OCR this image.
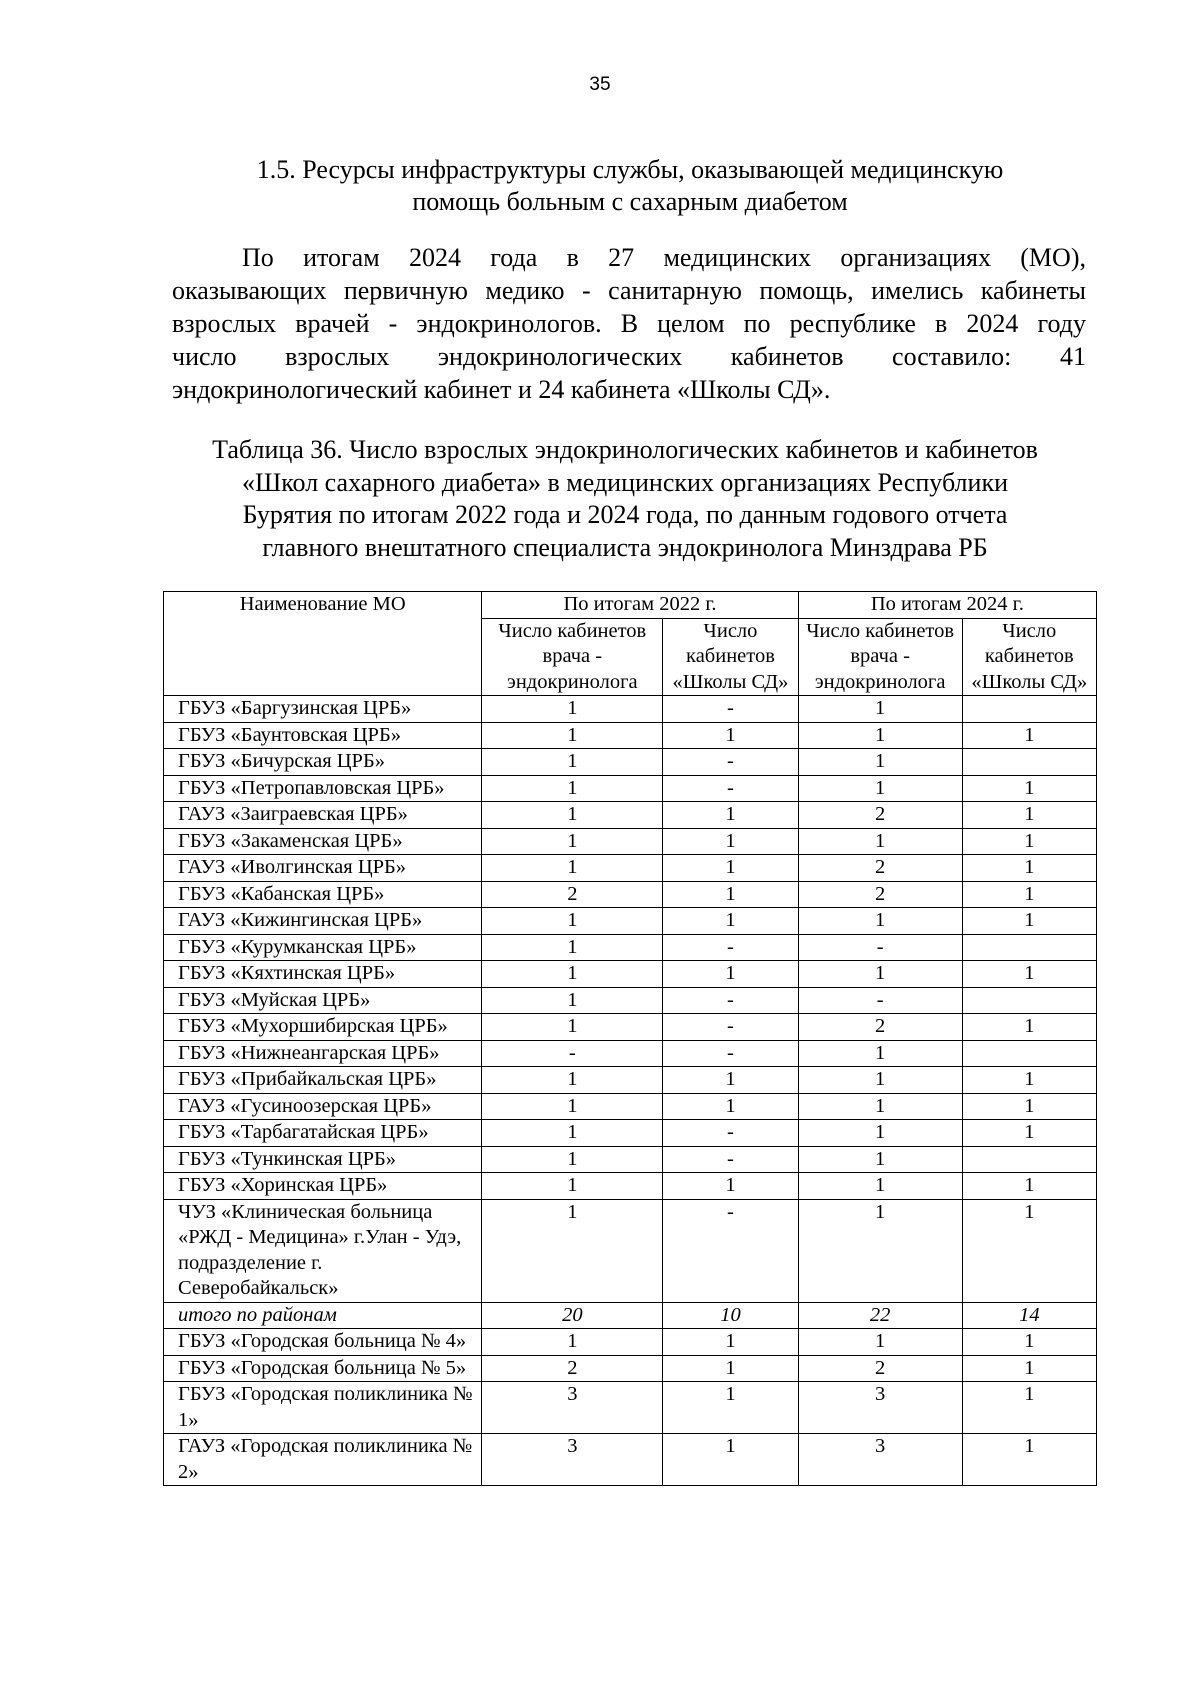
35
1.5. Ресурсы инфраструктуры службы, оказывающей медицинскую
помощь больным с сахарным диабетом
По итогам 2024 года в 27 медицинских организациях (МО),
оказывающих первичную медико - санитарную помощь, имелись кабинеты
взрослых врачей - эндокринологов. В целом по республике в 2024 году
число взрослых эндокринологических кабинетов составило: 41
эндокринологический кабинет и 24 кабинета «Школы СД».
Таблица 36. Число взрослых эндокринологических кабинетов и кабинетов
«Школ сахарного диабета» в медицинских организациях Республики
Бурятия по итогам 2022 года и 2024 года, по данным годового отчета
главного внештатного специалиста эндокринолога Минздрава РБ
Наименование МО	По итогам 2022 г.		По итогам 2024 г.	
	Число кабинетов врача - эндокринолога	Число кабинетов «Школы СД»	Число кабинетов врача - эндокринолога	Число кабинетов «Школы СД»
ГБУЗ «Баргузинская ЦРБ»	1	-	1	
ГБУЗ «Баунтовская ЦРБ»	1	1	1	1
ГБУЗ «Бичурская ЦРБ»	1	-	1	
ГБУЗ «Петропавловская ЦРБ»	1	-	1	1
ГАУЗ «Заиграевская ЦРБ»	1	1	2	1
ГБУЗ «Закаменская ЦРБ»	1	1	1	1
ГАУЗ «Иволгинская ЦРБ»	1	1	2	1
ГБУЗ «Кабанская ЦРБ»	2	1	2	1
ГАУЗ «Кижингинская ЦРБ»	1	1	1	1
ГБУЗ «Курумканская ЦРБ»	1	-	-	
ГБУЗ «Кяхтинская ЦРБ»	1	1	1	1
ГБУЗ «Муйская ЦРБ»	1	-	-	
ГБУЗ «Мухоршибирская ЦРБ»	1	-	2	1
ГБУЗ «Нижнеангарская ЦРБ»	-	-	1	
ГБУЗ «Прибайкальская ЦРБ»	1	1	1	1
ГАУЗ «Гусиноозерская ЦРБ»	1	1	1	1
ГБУЗ «Тарбагатайская ЦРБ»	1	-	1	1
ГБУЗ «Тункинская ЦРБ»	1	-	1	
ГБУЗ «Хоринская ЦРБ»	1	1	1	1
ЧУЗ «Клиническая больница «РЖД - Медицина» г.Улан - Удэ, подразделение г. Северобайкальск»	1	-	1	1
итого по районам	20	10	22	14
ГБУЗ «Городская больница № 4»	1	1	1	1
ГБУЗ «Городская больница № 5»	2	1	2	1
ГБУЗ «Городская поликлиника № 1»	3	1	3	1
ГАУЗ «Городская поликлиника № 2»	3	1	3	1
